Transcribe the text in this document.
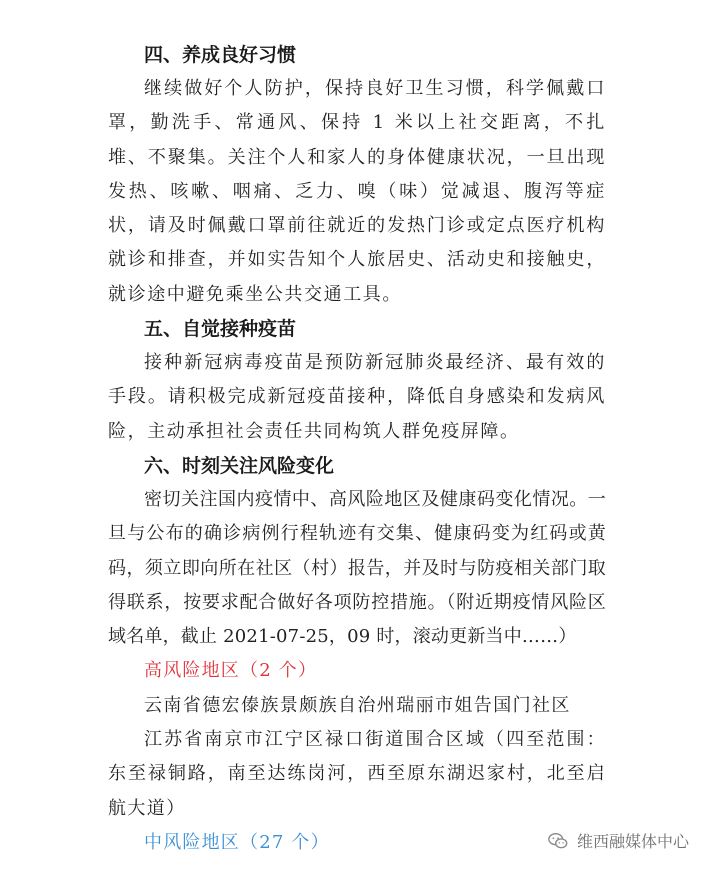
四、养成良好习惯

继续做好个人防护，保持良好卫生习惯，科学佩戴口罩，勤洗手、常通风、保持 1 米以上社交距离，不扎堆、不聚集。关注个人和家人的身体健康状况，一旦出现发热、咳嗽、咽痛、乏力、嗅（味）觉减退、腹泻等症状，请及时佩戴口罩前往就近的发热门诊或定点医疗机构就诊和排查，并如实告知个人旅居史、活动史和接触史，就诊途中避免乘坐公共交通工具。

五、自觉接种疫苗

接种新冠病毒疫苗是预防新冠肺炎最经济、最有效的手段。请积极完成新冠疫苗接种，降低自身感染和发病风险，主动承担社会责任共同构筑人群免疫屏障。

六、时刻关注风险变化

密切关注国内疫情中、高风险地区及健康码变化情况。一旦与公布的确诊病例行程轨迹有交集、健康码变为红码或黄码，须立即向所在社区（村）报告，并及时与防疫相关部门取得联系，按要求配合做好各项防控措施。（附近期疫情风险区域名单，截止 2021-07-25，09 时，滚动更新当中……）

高风险地区（2 个）

云南省德宏傣族景颇族自治州瑞丽市姐告国门社区

江苏省南京市江宁区禄口街道围合区域（四至范围：东至禄铜路，南至达练岗河，西至原东湖迟家村，北至启航大道）

中风险地区（27 个）	维西融媒体中心
